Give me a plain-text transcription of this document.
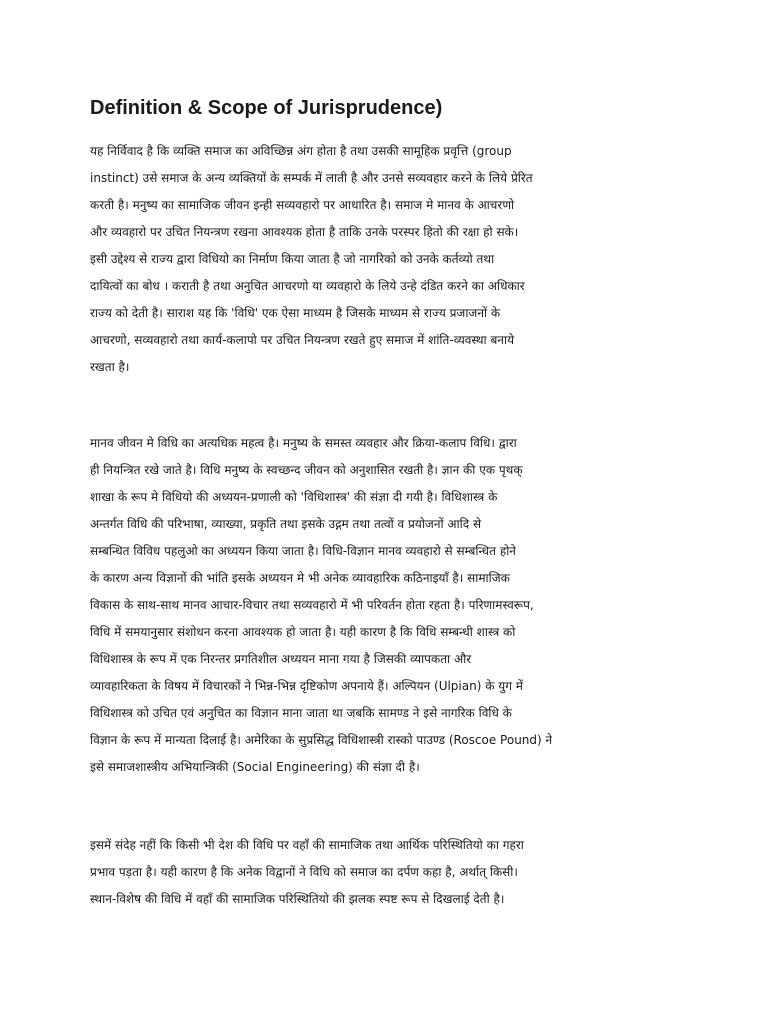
Definition & Scope of Jurisprudence)
यह निर्विवाद है कि व्यक्ति समाज का अविच्छिन्न अंग होता है तथा उसकी सामूहिक प्रवृत्ति (group
instinct) उसे समाज के अन्य व्यक्तियों के सम्पर्क में लाती है और उनसे सव्यवहार करने के लिये प्रेरित
करती है। मनुष्य का सामाजिक जीवन इन्ही सव्यवहारो पर आधारित है। समाज मे मानव के आचरणो
और व्यवहारो पर उचित नियन्त्रण रखना आवश्यक होता है ताकि उनके परस्पर हितो की रक्षा हो सके।
इसी उद्देश्य से राज्य द्वारा विधियो का निर्माण किया जाता है जो नागरिको को उनके कर्तव्यो तथा
दायित्वों का बोध । कराती है तथा अनुचित आचरणो या व्यवहारो के लिये उन्हे दंडित करने का अधिकार
राज्य को देती है। साराश यह कि 'विधि' एक ऐसा माध्यम है जिसके माध्यम से राज्य प्रजाजनों के
आचरणो, सव्यवहारो तथा कार्य-कलापो पर उचित नियन्त्रण रखते हुए समाज में शांति-व्यवस्था बनाये
रखता है।
मानव जीवन मे विधि का अत्यधिक महत्व है। मनुष्य के समस्त व्यवहार और क्रिया-कलाप विधि। द्वारा
ही नियन्त्रित रखे जाते है। विधि मनुष्य के स्वच्छन्द जीवन को अनुशासित रखती है। ज्ञान की एक पृथक्
शाखा के रूप मे विधियो की अध्ययन-प्रणाली को 'विधिशास्त्र' की संज्ञा दी गयी है। विधिशास्त्र के
अन्तर्गत विधि की परिभाषा, व्याख्या, प्रकृति तथा इसके उद्गम तथा तत्वों व प्रयोजनों आदि से
सम्बन्धित विविध पहलुओ का अध्ययन किया जाता है। विधि-विज्ञान मानव व्यवहारो से सम्बन्धित होने
के कारण अन्य विज्ञानों की भांति इसके अध्ययन मे भी अनेक व्यावहारिक कठिनाइयाँ है। सामाजिक
विकास के साथ-साथ मानव आचार-विचार तथा सव्यवहारो में भी परिवर्तन होता रहता है। परिणामस्वरूप,
विधि में समयानुसार संशोधन करना आवश्यक हो जाता है। यही कारण है कि विधि सम्बन्धी शास्त्र को
विधिशास्त्र के रूप में एक निरन्तर प्रगतिशील अध्ययन माना गया है जिसकी व्यापकता और
व्यावहारिकता के विषय में विचारकों ने भिन्न-भिन्न दृष्टिकोण अपनाये हैं। अल्पियन (Ulpian) के युग में
विधिशास्त्र को उचित एवं अनुचित का विज्ञान माना जाता था जबकि सामण्ड ने इसे नागरिक विधि के
विज्ञान के रूप में मान्यता दिलाई है। अमेरिका के सुप्रसिद्ध विधिशास्त्री रास्को पाउण्ड (Roscoe Pound) ने
इसे समाजशास्त्रीय अभियान्त्रिकी (Social Engineering) की संज्ञा दी है।
इसमें संदेह नहीं कि किसी भी देश की विधि पर वहाँ की सामाजिक तथा आर्थिक परिस्थितियो का गहरा
प्रभाव पड़ता है। यही कारण है कि अनेक विद्वानों ने विधि को समाज का दर्पण कहा है, अर्थात् किसी।
स्थान-विशेष की विधि में वहाँ की सामाजिक परिस्थितियो की झलक स्पष्ट रूप से दिखलाई देती है।
